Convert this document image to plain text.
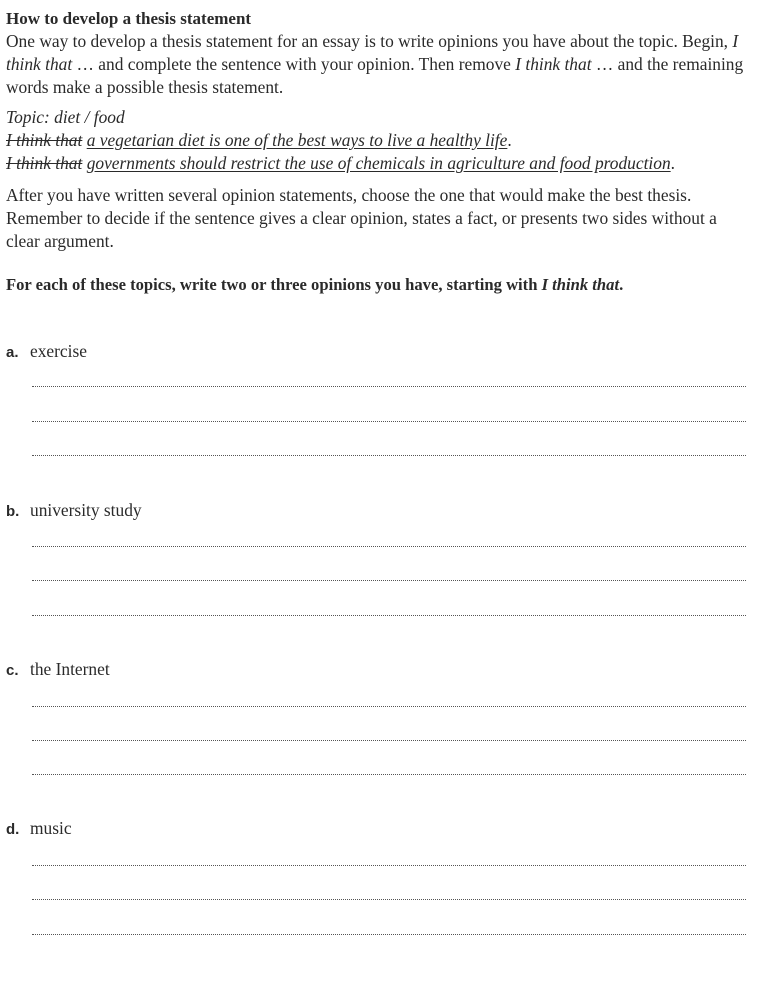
How to develop a thesis statement

One way to develop a thesis statement for an essay is to write opinions you have about the topic. Begin, I think that … and complete the sentence with your opinion. Then remove I think that … and the remaining words make a possible thesis statement.

Topic: diet / food
I think that a vegetarian diet is one of the best ways to live a healthy life.
I think that governments should restrict the use of chemicals in agriculture and food production.

After you have written several opinion statements, choose the one that would make the best thesis. Remember to decide if the sentence gives a clear opinion, states a fact, or presents two sides without a clear argument.

For each of these topics, write two or three opinions you have, starting with I think that.

a. exercise
b. university study
c. the Internet
d. music
